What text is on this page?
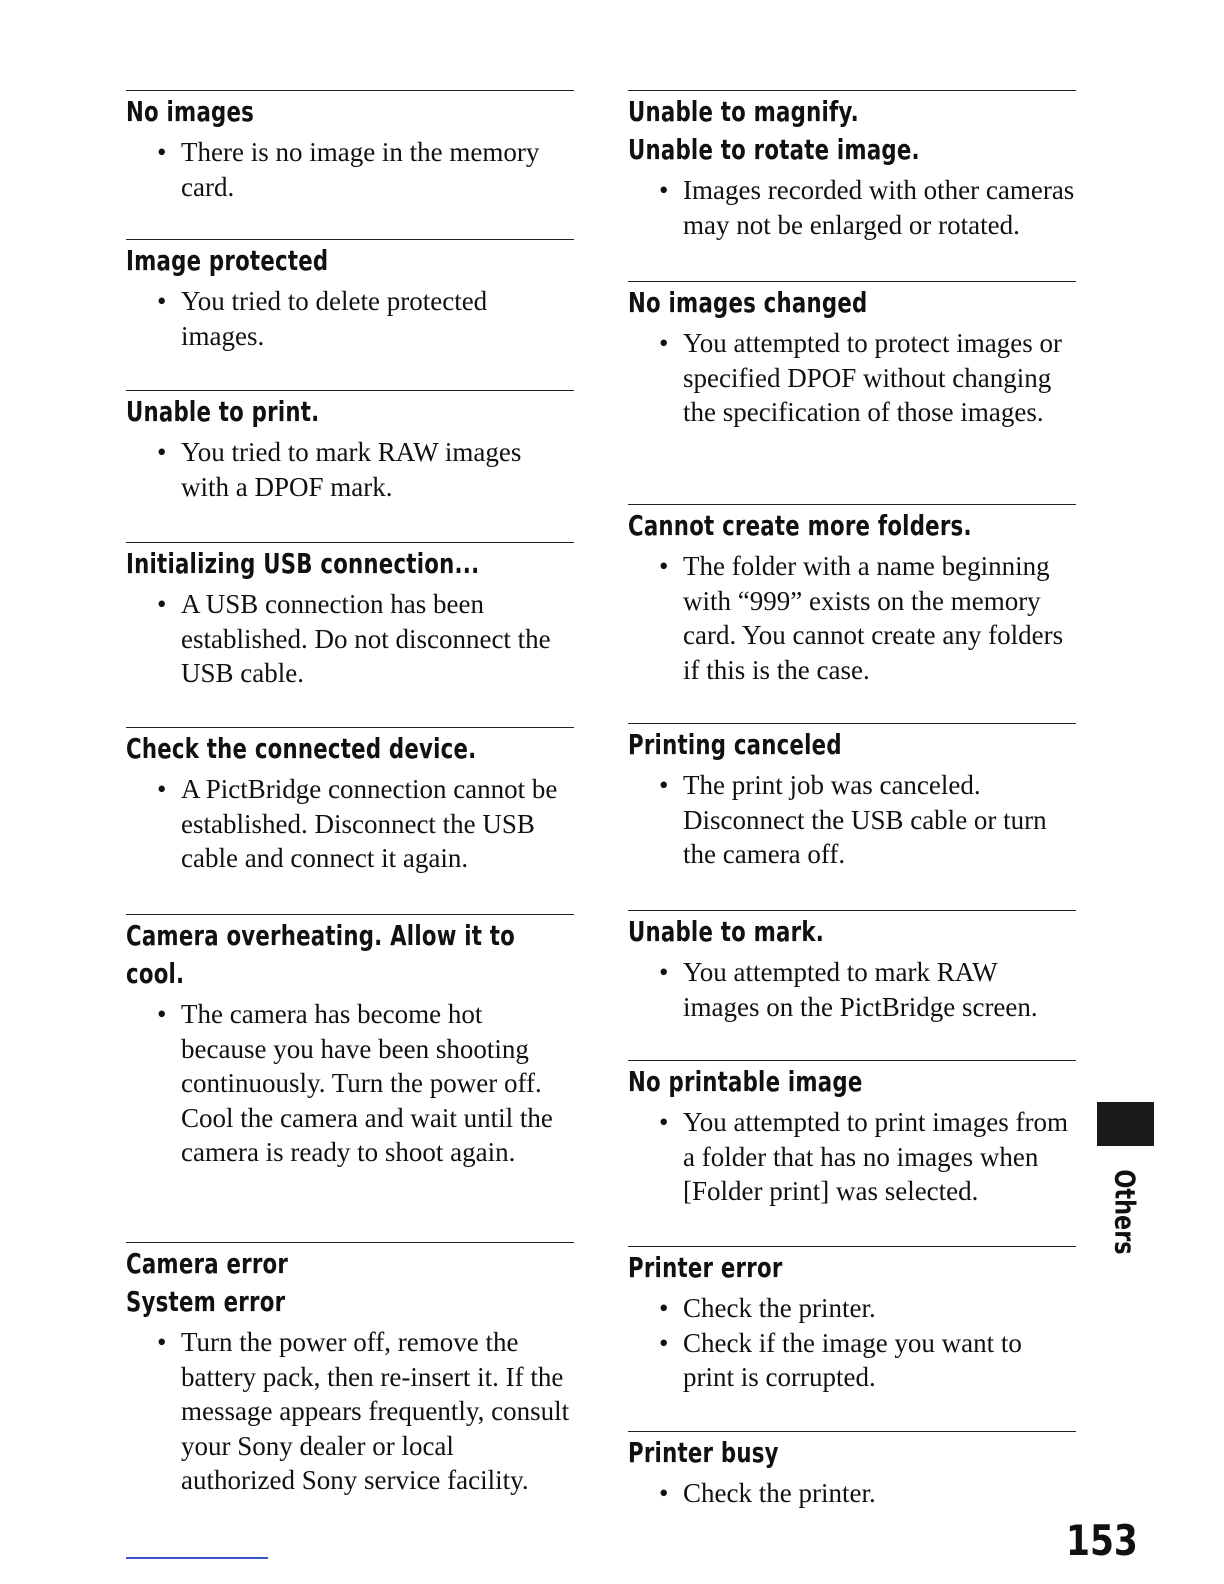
No images
• There is no image in the memory card.
Image protected
• You tried to delete protected images.
Unable to print.
• You tried to mark RAW images with a DPOF mark.
Initializing USB connection...
• A USB connection has been established. Do not disconnect the USB cable.
Check the connected device.
• A PictBridge connection cannot be established. Disconnect the USB cable and connect it again.
Camera overheating. Allow it to cool.
• The camera has become hot because you have been shooting continuously. Turn the power off. Cool the camera and wait until the camera is ready to shoot again.
Camera error
System error
• Turn the power off, remove the battery pack, then re-insert it. If the message appears frequently, consult your Sony dealer or local authorized Sony service facility.
Unable to magnify.
Unable to rotate image.
• Images recorded with other cameras may not be enlarged or rotated.
No images changed
• You attempted to protect images or specified DPOF without changing the specification of those images.
Cannot create more folders.
• The folder with a name beginning with “999” exists on the memory card. You cannot create any folders if this is the case.
Printing canceled
• The print job was canceled. Disconnect the USB cable or turn the camera off.
Unable to mark.
• You attempted to mark RAW images on the PictBridge screen.
No printable image
• You attempted to print images from a folder that has no images when [Folder print] was selected.
Printer error
• Check the printer.
• Check if the image you want to print is corrupted.
Printer busy
• Check the printer.
Others
153
